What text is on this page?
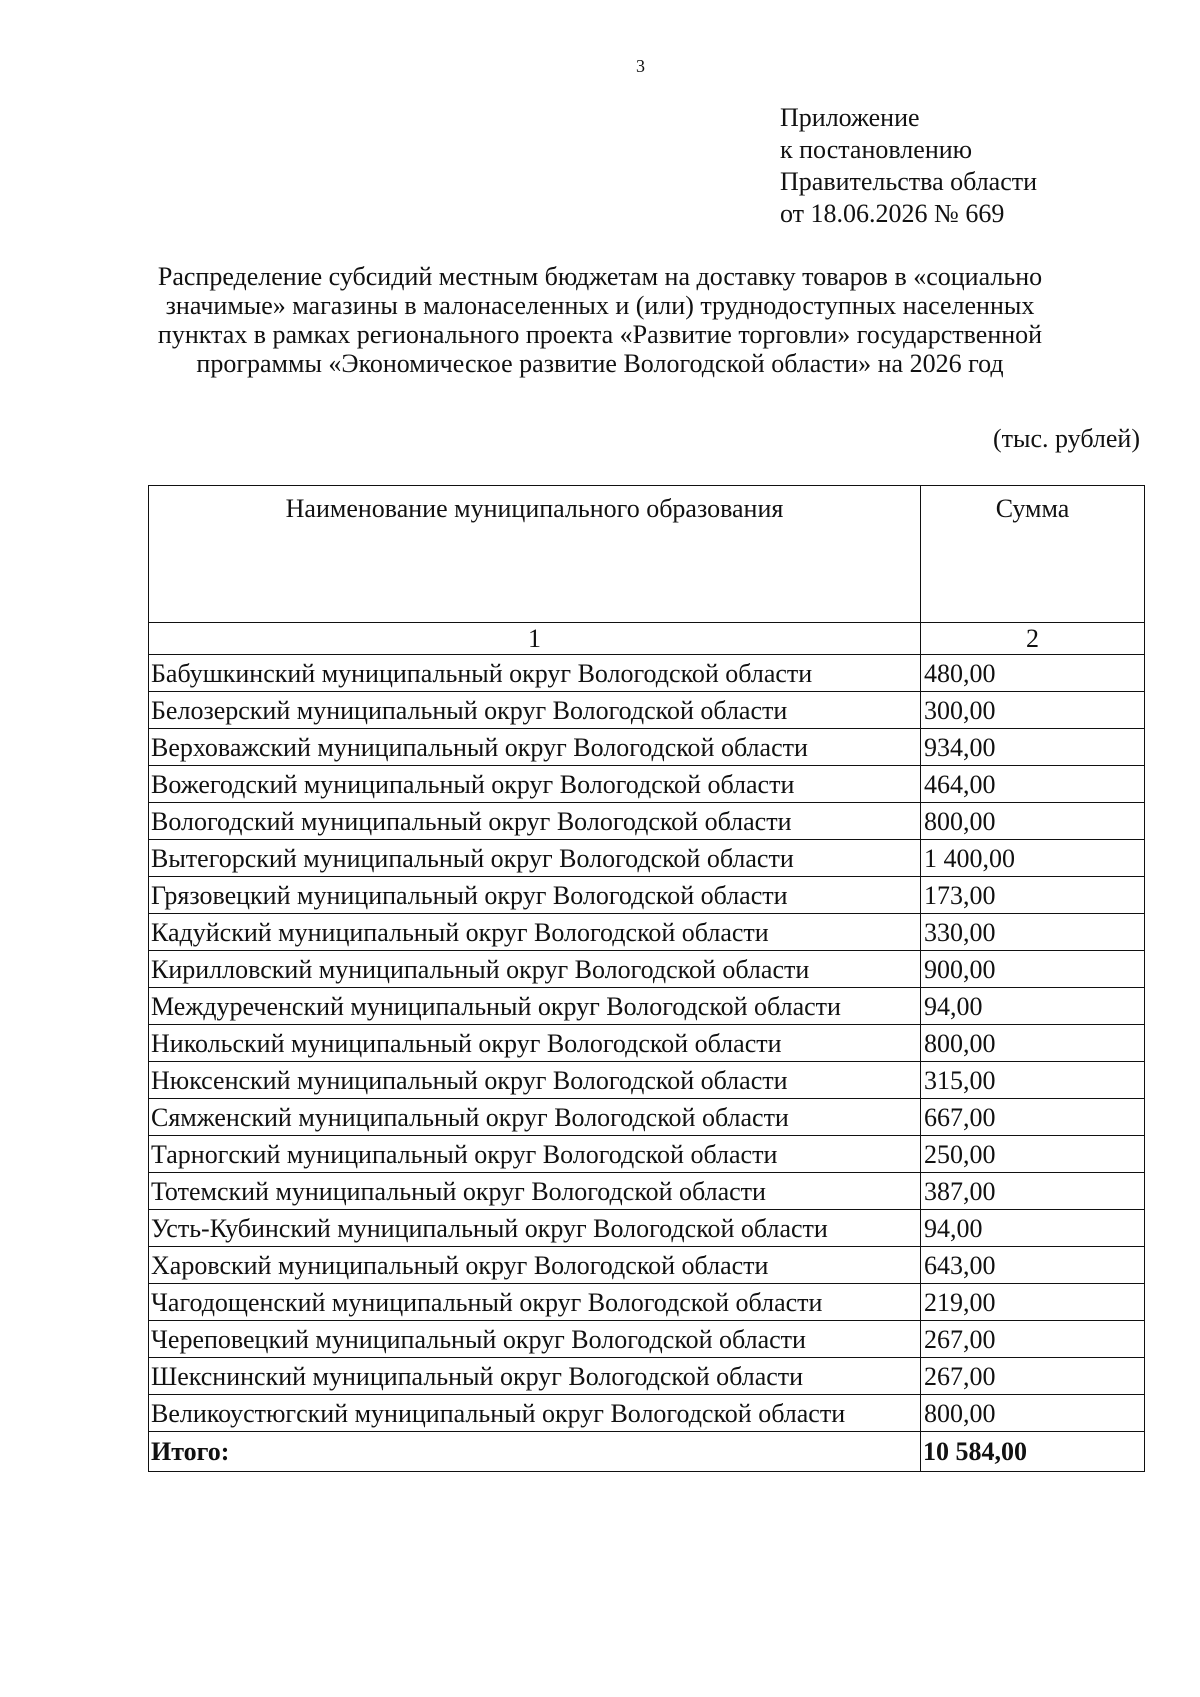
3
Приложение
к постановлению
Правительства области
от 18.06.2026 № 669
Распределение субсидий местным бюджетам на доставку товаров в «социально
значимые» магазины в малонаселенных и (или) труднодоступных населенных
пунктах в рамках регионального проекта «Развитие торговли» государственной
программы «Экономическое развитие Вологодской области» на 2026 год
(тыс. рублей)
Наименование муниципального образования	Сумма
1	2
Бабушкинский муниципальный округ Вологодской области	480,00
Белозерский муниципальный округ Вологодской области	300,00
Верховажский муниципальный округ Вологодской области	934,00
Вожегодский муниципальный округ Вологодской области	464,00
Вологодский муниципальный округ Вологодской области	800,00
Вытегорский муниципальный округ Вологодской области	1 400,00
Грязовецкий муниципальный округ Вологодской области	173,00
Кадуйский муниципальный округ Вологодской области	330,00
Кирилловский муниципальный округ Вологодской области	900,00
Междуреченский муниципальный округ Вологодской области	94,00
Никольский муниципальный округ Вологодской области	800,00
Нюксенский муниципальный округ Вологодской области	315,00
Сямженский муниципальный округ Вологодской области	667,00
Тарногский муниципальный округ Вологодской области	250,00
Тотемский муниципальный округ Вологодской области	387,00
Усть-Кубинский муниципальный округ Вологодской области	94,00
Харовский муниципальный округ Вологодской области	643,00
Чагодощенский муниципальный округ Вологодской области	219,00
Череповецкий муниципальный округ Вологодской области	267,00
Шекснинский муниципальный округ Вологодской области	267,00
Великоустюгский муниципальный округ Вологодской области	800,00
Итого:	10 584,00
